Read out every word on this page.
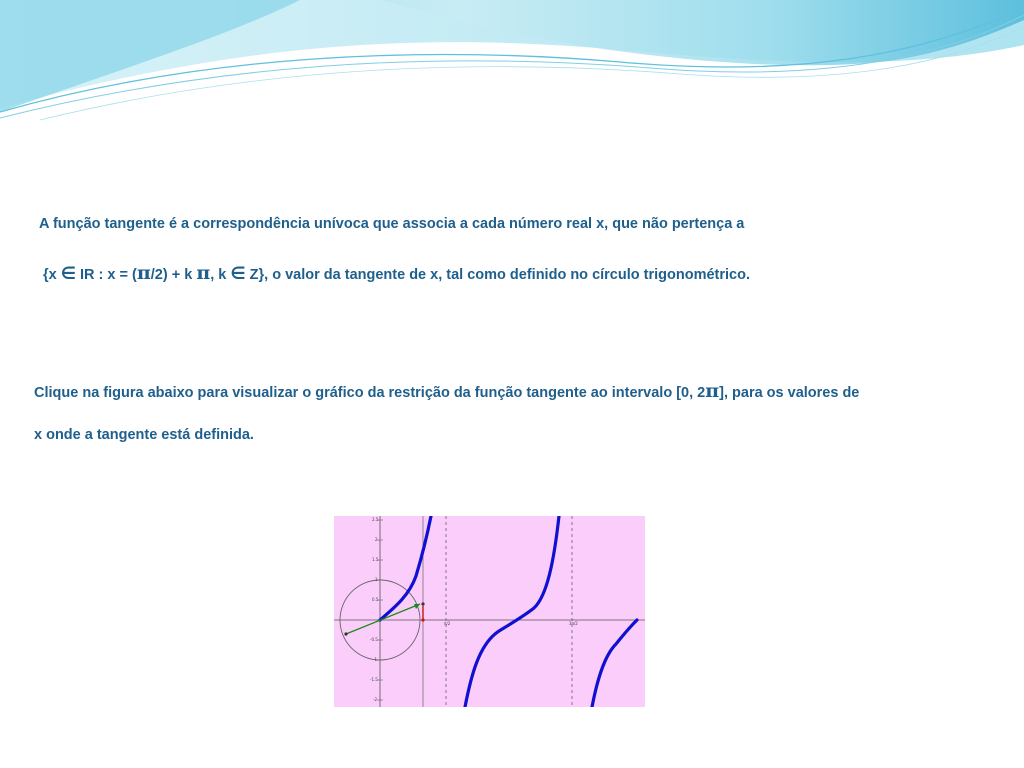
A função tangente é a correspondência unívoca que associa a cada número real x, que não pertença a

{x ∈ IR : x = (π/2) + k π, k ∈ Z}, o valor da tangente de x, tal como definido no círculo trigonométrico.

Clique na figura abaixo para visualizar o gráfico da restrição da função tangente ao intervalo [0, 2π], para os valores de

x onde a tangente está definida.

2.5
2
1.5
1
0.5
-0.5
-1
-1.5
-2
π/2	3π/2
